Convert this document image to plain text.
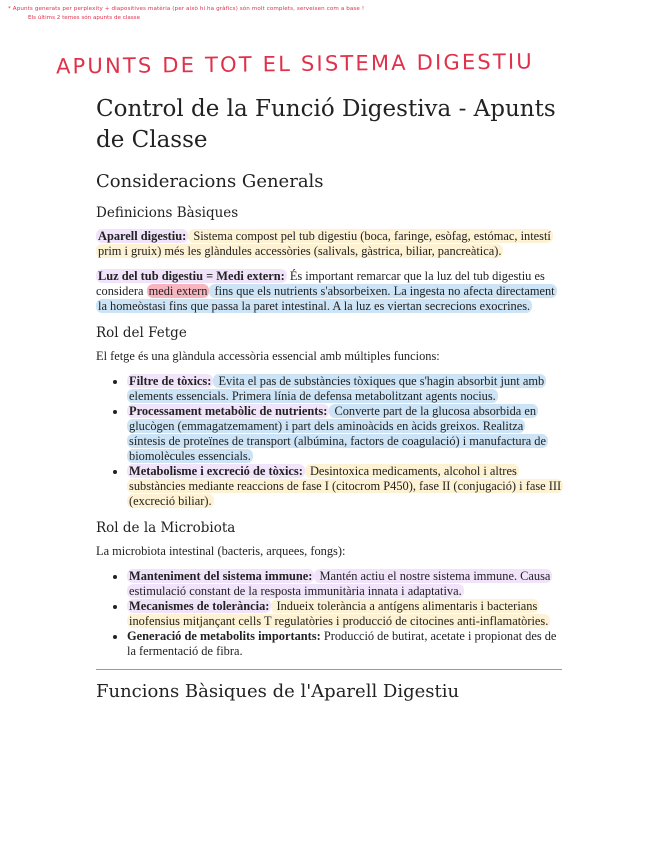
* Apunts generats per perplexity + diapositives matèria (per això hi ha gràfics) són molt complets, serveixen com a base !
Els últims 2 temes són apunts de classe
APUNTS DE TOT EL SISTEMA DIGESTIU
Control de la Funció Digestiva - Apunts de Classe
Consideracions Generals
Definicions Bàsiques

Aparell digestiu: Sistema compost pel tub digestiu (boca, faringe, esòfag, estómac, intestí prim i gruix) més les glàndules accessòries (salivals, gàstrica, biliar, pancreàtica).

Luz del tub digestiu = Medi extern: És important remarcar que la luz del tub digestiu es considera medi extern fins que els nutrients s'absorbeixen. La ingesta no afecta directament la homeòstasi fins que passa la paret intestinal. A la luz es viertan secrecions exocrines.

Rol del Fetge

El fetge és una glàndula accessòria essencial amb múltiples funcions:

• Filtre de tòxics: Evita el pas de substàncies tòxiques que s'hagin absorbit junt amb elements essencials. Primera línia de defensa metabolitzant agents nocius.
• Processament metabòlic de nutrients: Converte part de la glucosa absorbida en glucògen (emmagatzemament) i part dels aminoàcids en àcids greixos. Realitza síntesis de proteïnes de transport (albúmina, factors de coagulació) i manufactura de biomolècules essencials.
• Metabolisme i excreció de tòxics: Desintoxica medicaments, alcohol i altres substàncies mediante reaccions de fase I (citocrom P450), fase II (conjugació) i fase III (excreció biliar).
Rol de la Microbiota

La microbiota intestinal (bacteris, arquees, fongs):

• Manteniment del sistema immune: Mantén actiu el nostre sistema immune. Causa estimulació constant de la resposta immunitària innata i adaptativa.
• Mecanismes de tolerància: Indueix tolerància a antígens alimentaris i bacterians inofensius mitjançant cells T regulatòries i producció de citocines anti-inflamatòries.
• Generació de metabolits importants: Producció de butirat, acetate i propionat des de la fermentació de fibra.
Funcions Bàsiques de l'Aparell Digestiu
